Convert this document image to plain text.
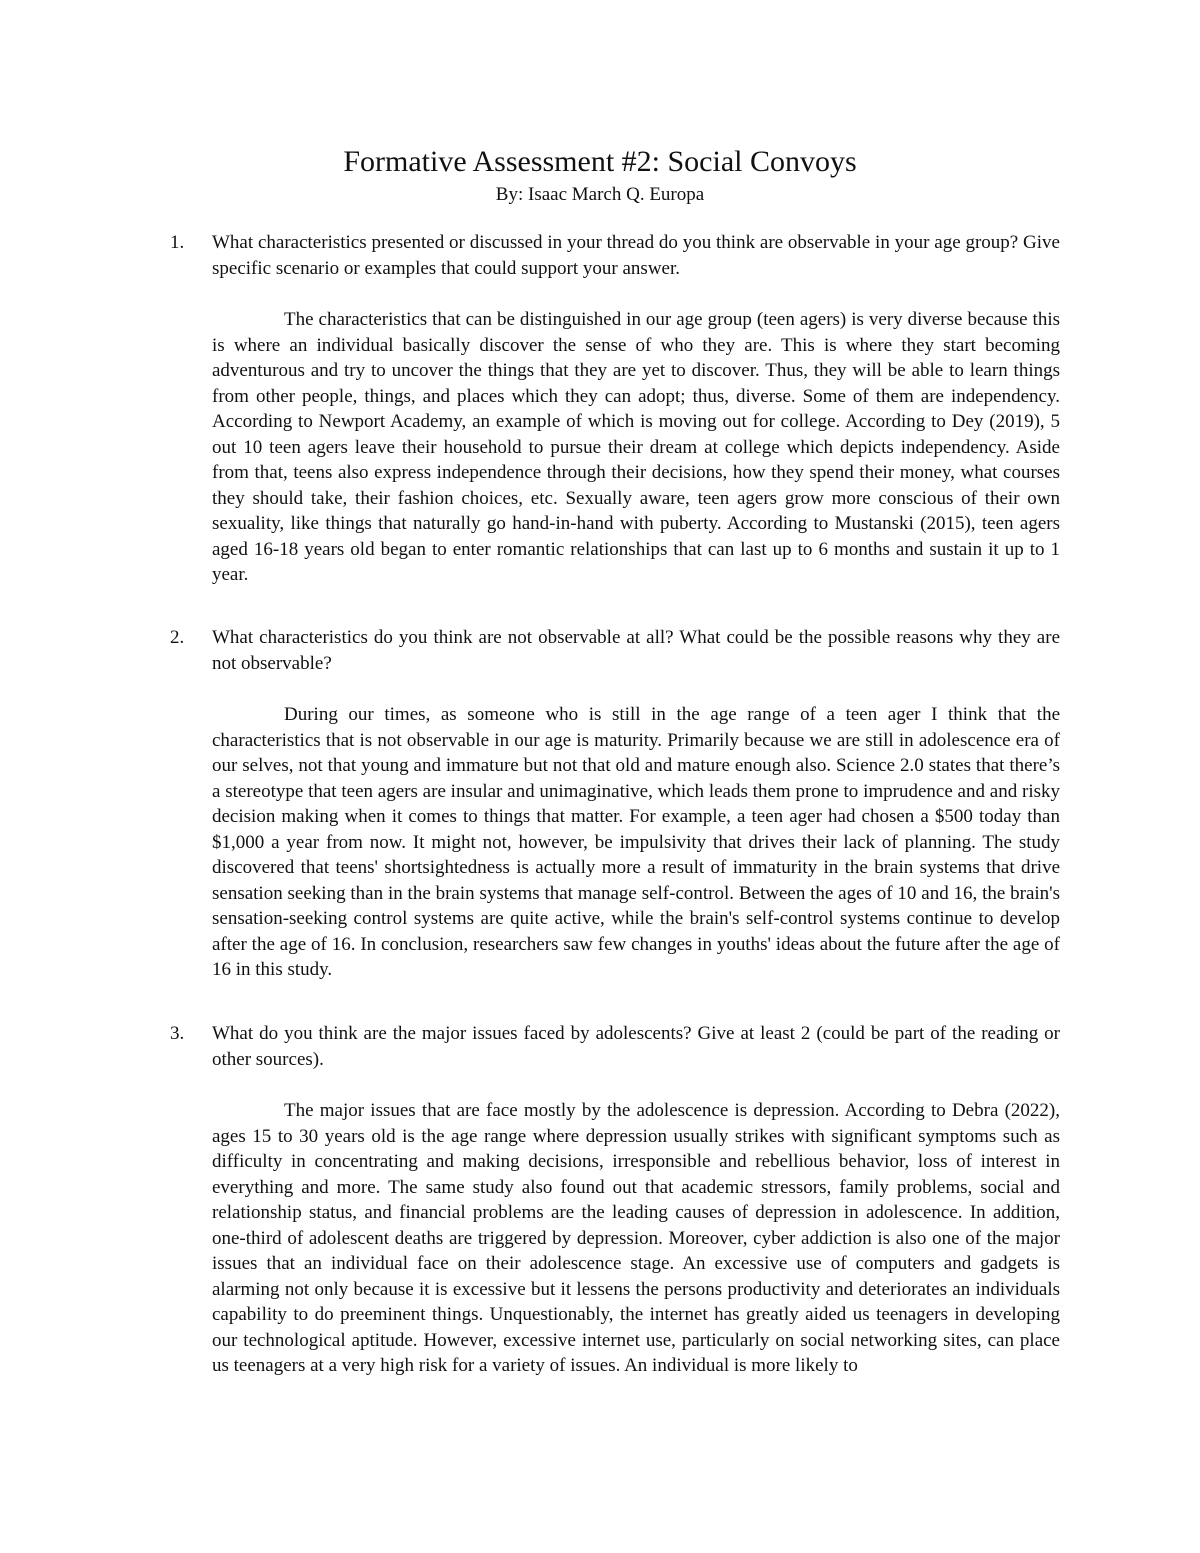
Formative Assessment #2: Social Convoys

By: Isaac March Q. Europa

1. What characteristics presented or discussed in your thread do you think are observable in your age group? Give specific scenario or examples that could support your answer.

The characteristics that can be distinguished in our age group (teen agers) is very diverse because this is where an individual basically discover the sense of who they are. This is where they start becoming adventurous and try to uncover the things that they are yet to discover. Thus, they will be able to learn things from other people, things, and places which they can adopt; thus, diverse. Some of them are independency. According to Newport Academy, an example of which is moving out for college. According to Dey (2019), 5 out 10 teen agers leave their household to pursue their dream at college which depicts independency. Aside from that, teens also express independence through their decisions, how they spend their money, what courses they should take, their fashion choices, etc. Sexually aware, teen agers grow more conscious of their own sexuality, like things that naturally go hand-in-hand with puberty. According to Mustanski (2015), teen agers aged 16-18 years old began to enter romantic relationships that can last up to 6 months and sustain it up to 1 year.

2. What characteristics do you think are not observable at all? What could be the possible reasons why they are not observable?

During our times, as someone who is still in the age range of a teen ager I think that the characteristics that is not observable in our age is maturity. Primarily because we are still in adolescence era of our selves, not that young and immature but not that old and mature enough also. Science 2.0 states that there’s a stereotype that teen agers are insular and unimaginative, which leads them prone to imprudence and and risky decision making when it comes to things that matter. For example, a teen ager had chosen a $500 today than $1,000 a year from now. It might not, however, be impulsivity that drives their lack of planning. The study discovered that teens' shortsightedness is actually more a result of immaturity in the brain systems that drive sensation seeking than in the brain systems that manage self-control. Between the ages of 10 and 16, the brain's sensation-seeking control systems are quite active, while the brain's self-control systems continue to develop after the age of 16. In conclusion, researchers saw few changes in youths' ideas about the future after the age of 16 in this study.

3. What do you think are the major issues faced by adolescents? Give at least 2 (could be part of the reading or other sources).

The major issues that are face mostly by the adolescence is depression. According to Debra (2022), ages 15 to 30 years old is the age range where depression usually strikes with significant symptoms such as difficulty in concentrating and making decisions, irresponsible and rebellious behavior, loss of interest in everything and more. The same study also found out that academic stressors, family problems, social and relationship status, and financial problems are the leading causes of depression in adolescence. In addition, one-third of adolescent deaths are triggered by depression. Moreover, cyber addiction is also one of the major issues that an individual face on their adolescence stage. An excessive use of computers and gadgets is alarming not only because it is excessive but it lessens the persons productivity and deteriorates an individuals capability to do preeminent things. Unquestionably, the internet has greatly aided us teenagers in developing our technological aptitude. However, excessive internet use, particularly on social networking sites, can place us teenagers at a very high risk for a variety of issues. An individual is more likely to
